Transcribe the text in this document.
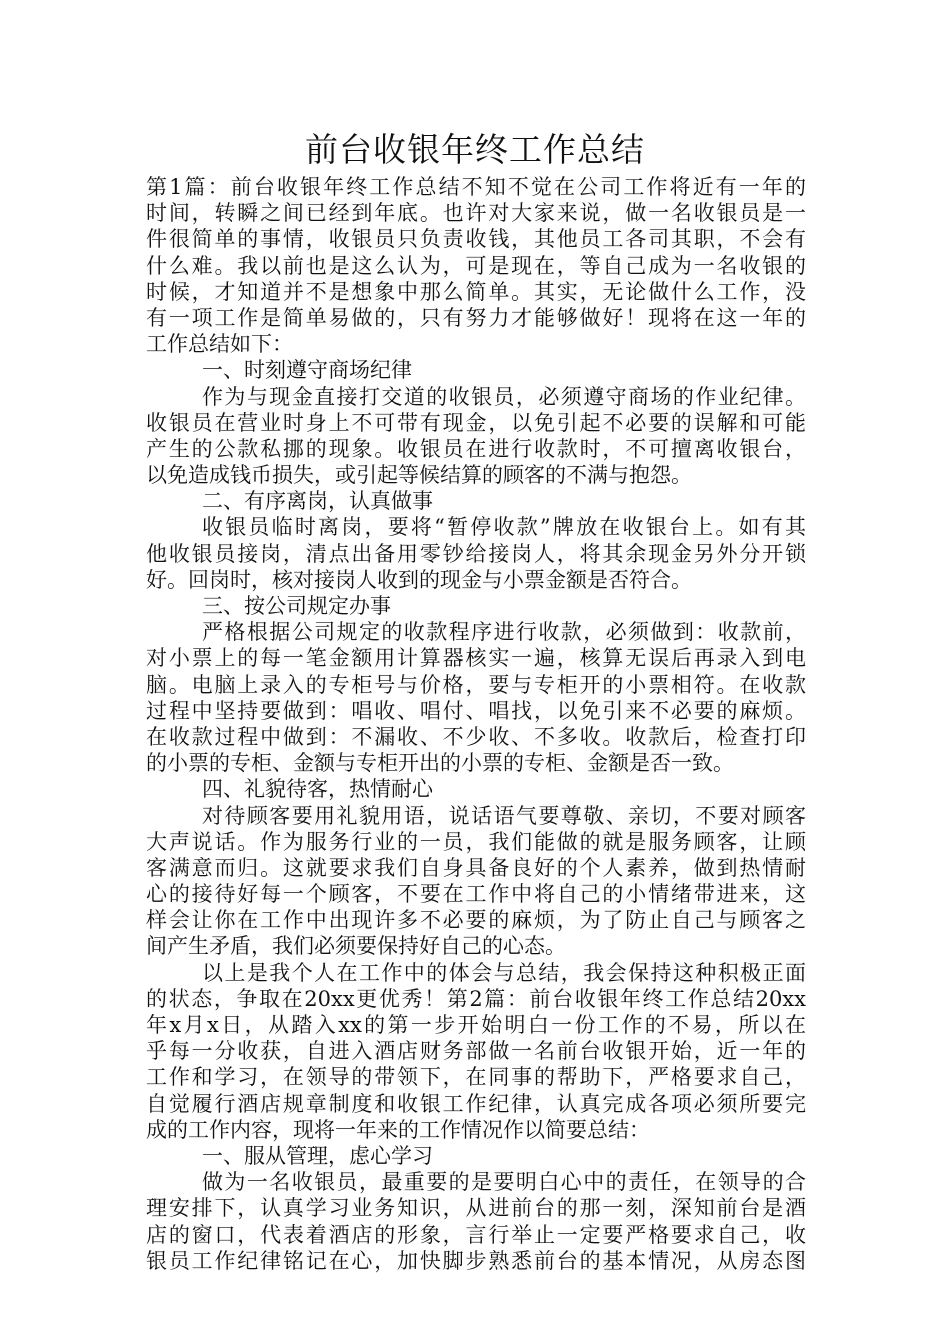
前台收银年终工作总结
第1篇：前台收银年终工作总结不知不觉在公司工作将近有一年的
时间，转瞬之间已经到年底。也许对大家来说，做一名收银员是一
件很简单的事情，收银员只负责收钱，其他员工各司其职，不会有
什么难。我以前也是这么认为，可是现在，等自己成为一名收银的
时候，才知道并不是想象中那么简单。其实，无论做什么工作，没
有一项工作是简单易做的，只有努力才能够做好！现将在这一年的
工作总结如下：
一、时刻遵守商场纪律
作为与现金直接打交道的收银员，必须遵守商场的作业纪律。
收银员在营业时身上不可带有现金，以免引起不必要的误解和可能
产生的公款私挪的现象。收银员在进行收款时，不可擅离收银台，
以免造成钱币损失，或引起等候结算的顾客的不满与抱怨。
二、有序离岗，认真做事
收银员临时离岗，要将“暂停收款”牌放在收银台上。如有其
他收银员接岗，清点出备用零钞给接岗人，将其余现金另外分开锁
好。回岗时，核对接岗人收到的现金与小票金额是否符合。
三、按公司规定办事
严格根据公司规定的收款程序进行收款，必须做到：收款前，
对小票上的每一笔金额用计算器核实一遍，核算无误后再录入到电
脑。电脑上录入的专柜号与价格，要与专柜开的小票相符。在收款
过程中坚持要做到：唱收、唱付、唱找，以免引来不必要的麻烦。
在收款过程中做到：不漏收、不少收、不多收。收款后，检查打印
的小票的专柜、金额与专柜开出的小票的专柜、金额是否一致。
四、礼貌待客，热情耐心
对待顾客要用礼貌用语，说话语气要尊敬、亲切，不要对顾客
大声说话。作为服务行业的一员，我们能做的就是服务顾客，让顾
客满意而归。这就要求我们自身具备良好的个人素养，做到热情耐
心的接待好每一个顾客，不要在工作中将自己的小情绪带进来，这
样会让你在工作中出现许多不必要的麻烦，为了防止自己与顾客之
间产生矛盾，我们必须要保持好自己的心态。
以上是我个人在工作中的体会与总结，我会保持这种积极正面
的状态，争取在20xx更优秀！第2篇：前台收银年终工作总结20xx
年x月x日，从踏入xx的第一步开始明白一份工作的不易，所以在
乎每一分收获，自进入酒店财务部做一名前台收银开始，近一年的
工作和学习，在领导的带领下，在同事的帮助下，严格要求自己，
自觉履行酒店规章制度和收银工作纪律，认真完成各项必须所要完
成的工作内容，现将一年来的工作情况作以简要总结：
一、服从管理，虑心学习
做为一名收银员，最重要的是要明白心中的责任，在领导的合
理安排下，认真学习业务知识，从进前台的那一刻，深知前台是酒
店的窗口，代表着酒店的形象，言行举止一定要严格要求自己，收
银员工作纪律铭记在心，加快脚步熟悉前台的基本情况，从房态图
